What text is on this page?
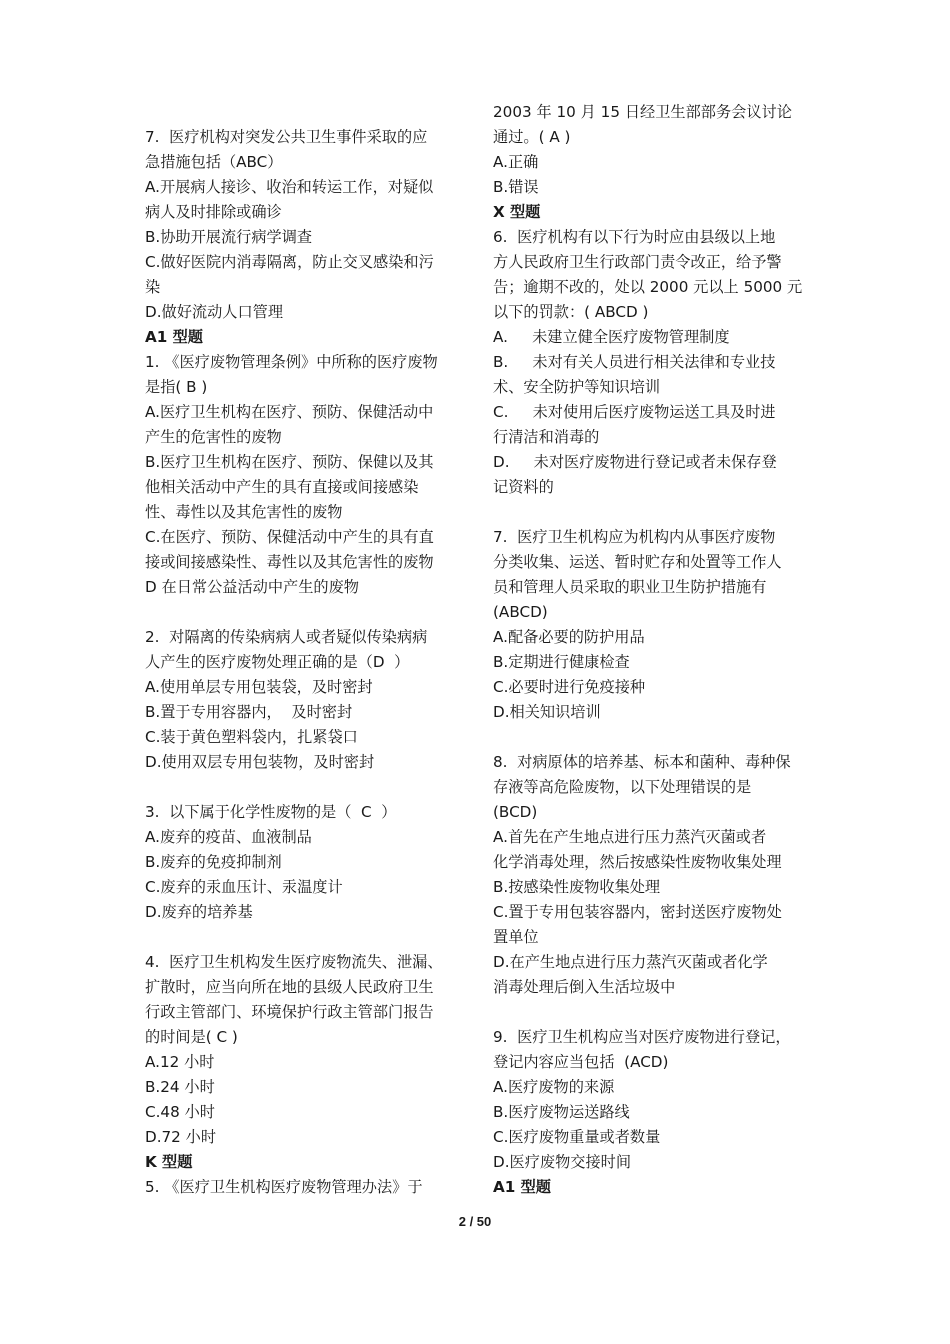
7.  医疗机构对突发公共卫生事件采取的应
急措施包括（ABC）
A.开展病人接诊、收治和转运工作，对疑似
病人及时排除或确诊
B.协助开展流行病学调查
C.做好医院内消毒隔离，防止交叉感染和污
染
D.做好流动人口管理
A1 型题
1. 《医疗废物管理条例》中所称的医疗废物
是指( B )
A.医疗卫生机构在医疗、预防、保健活动中
产生的危害性的废物
B.医疗卫生机构在医疗、预防、保健以及其
他相关活动中产生的具有直接或间接感染
性、毒性以及其危害性的废物
C.在医疗、预防、保健活动中产生的具有直
接或间接感染性、毒性以及其危害性的废物
D 在日常公益活动中产生的废物
2.  对隔离的传染病病人或者疑似传染病病
人产生的医疗废物处理正确的是（D  ）
A.使用单层专用包装袋，及时密封
B.置于专用容器内，  及时密封
C.装于黄色塑料袋内，扎紧袋口
D.使用双层专用包装物，及时密封
3.  以下属于化学性废物的是（  C  ）
A.废弃的疫苗、血液制品
B.废弃的免疫抑制剂
C.废弃的汞血压计、汞温度计
D.废弃的培养基
4.  医疗卫生机构发生医疗废物流失、泄漏、
扩散时，应当向所在地的县级人民政府卫生
行政主管部门、环境保护行政主管部门报告
的时间是( C )
A.12 小时
B.24 小时
C.48 小时
D.72 小时
K 型题
5. 《医疗卫生机构医疗废物管理办法》于
2003 年 10 月 15 日经卫生部部务会议讨论
通过。( A )
A.正确
B.错误
X 型题
6.  医疗机构有以下行为时应由县级以上地
方人民政府卫生行政部门责令改正，给予警
告；逾期不改的，处以 2000 元以上 5000 元
以下的罚款：( ABCD )
A.     未建立健全医疗废物管理制度
B.     未对有关人员进行相关法律和专业技
术、安全防护等知识培训
C.     未对使用后医疗废物运送工具及时进
行清洁和消毒的
D.     未对医疗废物进行登记或者未保存登
记资料的
7.  医疗卫生机构应为机构内从事医疗废物
分类收集、运送、暂时贮存和处置等工作人
员和管理人员采取的职业卫生防护措施有
(ABCD)
A.配备必要的防护用品
B.定期进行健康检查
C.必要时进行免疫接种
D.相关知识培训
8.  对病原体的培养基、标本和菌种、毒种保
存液等高危险废物，以下处理错误的是
(BCD)
A.首先在产生地点进行压力蒸汽灭菌或者
化学消毒处理，然后按感染性废物收集处理
B.按感染性废物收集处理
C.置于专用包装容器内，密封送医疗废物处
置单位
D.在产生地点进行压力蒸汽灭菌或者化学
消毒处理后倒入生活垃圾中
9.  医疗卫生机构应当对医疗废物进行登记，
登记内容应当包括  (ACD)
A.医疗废物的来源
B.医疗废物运送路线
C.医疗废物重量或者数量
D.医疗废物交接时间
A1 型题
2 / 50
